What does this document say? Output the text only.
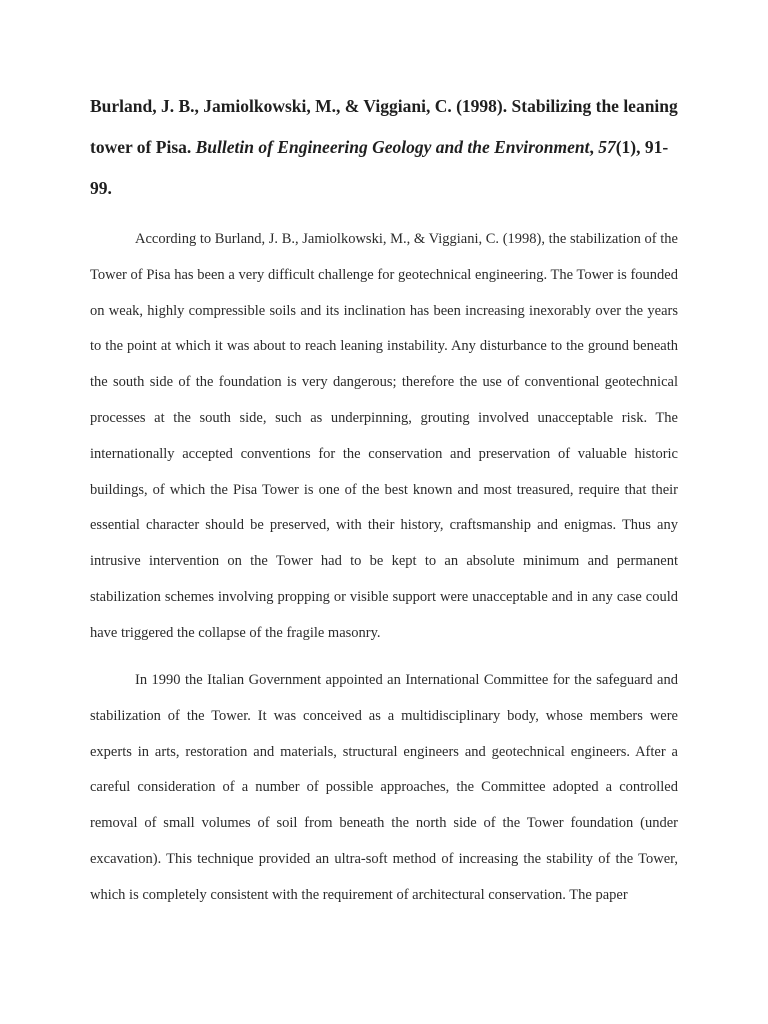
Burland, J. B., Jamiolkowski, M., & Viggiani, C. (1998). Stabilizing the leaning tower of Pisa. Bulletin of Engineering Geology and the Environment, 57(1), 91-99.

According to Burland, J. B., Jamiolkowski, M., & Viggiani, C. (1998), the stabilization of the Tower of Pisa has been a very difficult challenge for geotechnical engineering. The Tower is founded on weak, highly compressible soils and its inclination has been increasing inexorably over the years to the point at which it was about to reach leaning instability. Any disturbance to the ground beneath the south side of the foundation is very dangerous; therefore the use of conventional geotechnical processes at the south side, such as underpinning, grouting involved unacceptable risk. The internationally accepted conventions for the conservation and preservation of valuable historic buildings, of which the Pisa Tower is one of the best known and most treasured, require that their essential character should be preserved, with their history, craftsmanship and enigmas. Thus any intrusive intervention on the Tower had to be kept to an absolute minimum and permanent stabilization schemes involving propping or visible support were unacceptable and in any case could have triggered the collapse of the fragile masonry.

In 1990 the Italian Government appointed an International Committee for the safeguard and stabilization of the Tower. It was conceived as a multidisciplinary body, whose members were experts in arts, restoration and materials, structural engineers and geotechnical engineers. After a careful consideration of a number of possible approaches, the Committee adopted a controlled removal of small volumes of soil from beneath the north side of the Tower foundation (under excavation). This technique provided an ultra-soft method of increasing the stability of the Tower, which is completely consistent with the requirement of architectural conservation. The paper
